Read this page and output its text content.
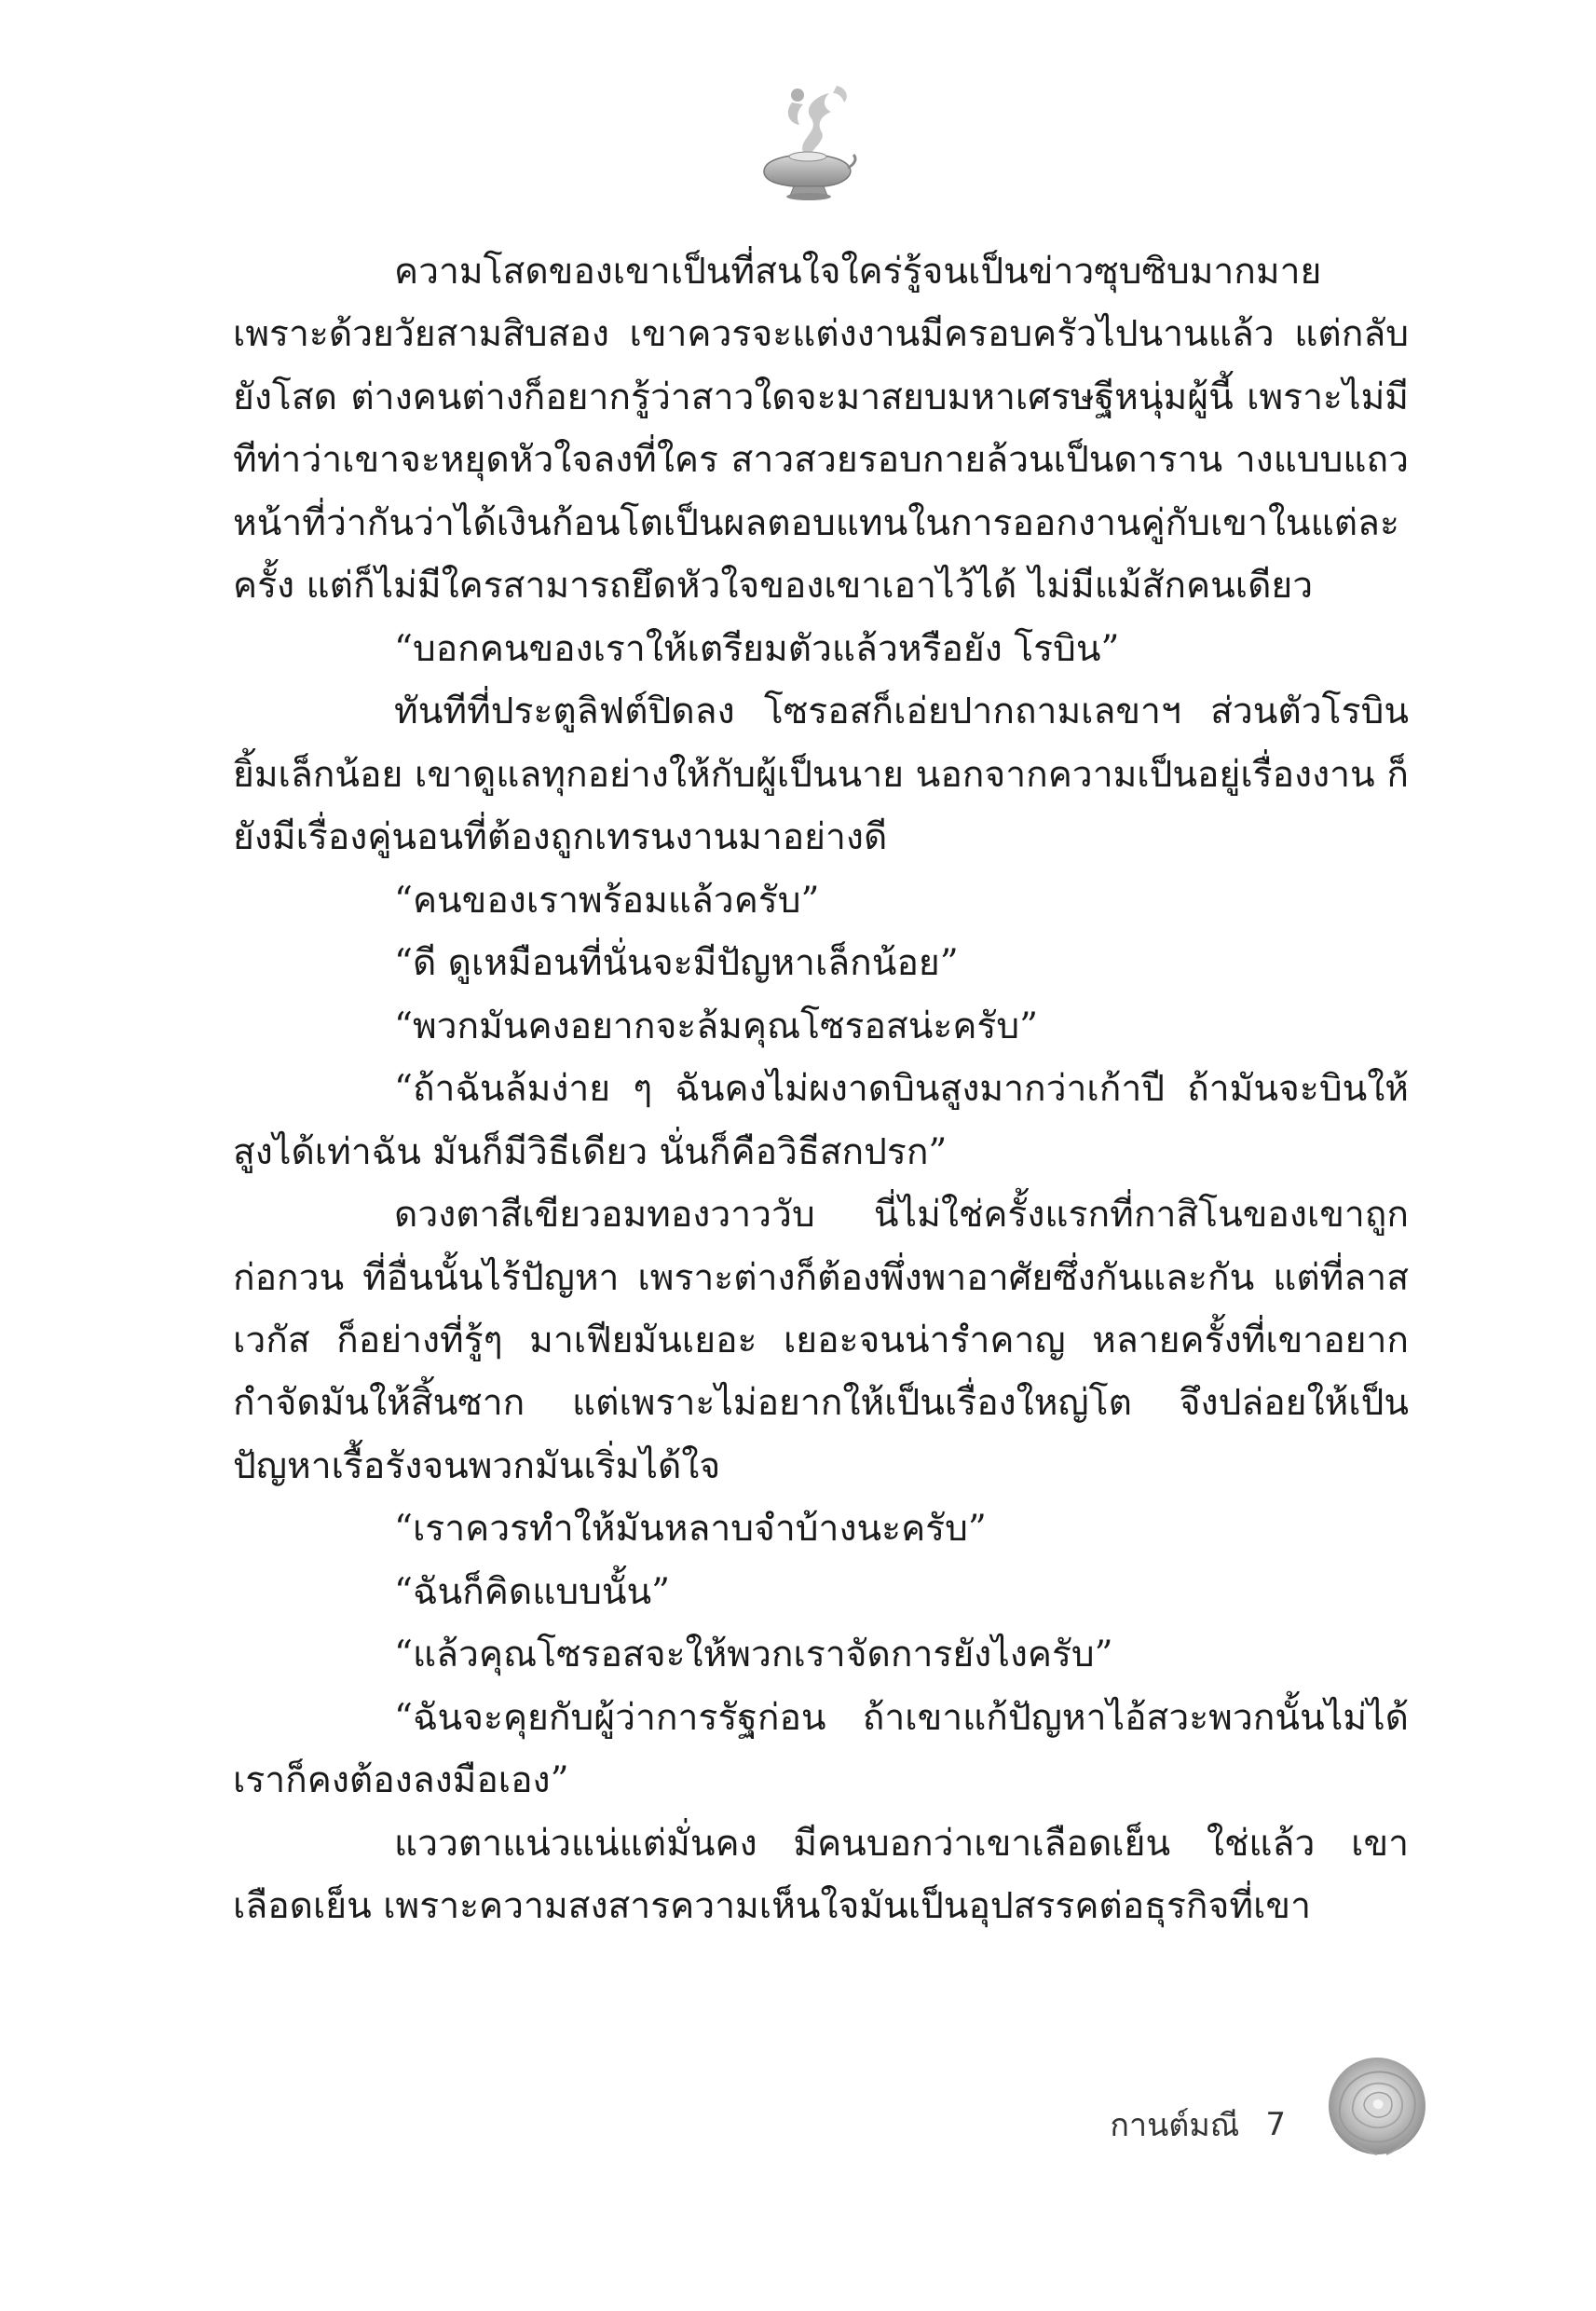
ความโสดของเขาเป็นที่สนใจใคร่รู้จนเป็นข่าวซุบซิบมากมาย เพราะด้วยวัยสามสิบสอง เขาควรจะแต่งงานมีครอบครัวไปนานแล้ว แต่กลับยังโสด ต่างคนต่างก็อยากรู้ว่าสาวใดจะมาสยบมหาเศรษฐีหนุ่มผู้นี้ เพราะไม่มีทีท่าว่าเขาจะหยุดหัวใจลงที่ใคร สาวสวยรอบกายล้วนเป็นดาราน างแบบแถวหน้าที่ว่ากันว่าได้เงินก้อนโตเป็นผลตอบแทนในการออกงานคู่กับเขาในแต่ละครั้ง แต่ก็ไม่มีใครสามารถยึดหัวใจของเขาเอาไว้ได้ ไม่มีแม้สักคนเดียว

“บอกคนของเราให้เตรียมตัวแล้วหรือยัง โรบิน”

ทันทีที่ประตูลิฟต์ปิดลง โซรอสก็เอ่ยปากถามเลขาฯ ส่วนตัวโรบินยิ้มเล็กน้อย เขาดูแลทุกอย่างให้กับผู้เป็นนาย นอกจากความเป็นอยู่เรื่องงาน ก็ยังมีเรื่องคู่นอนที่ต้องถูกเทรนงานมาอย่างดี

“คนของเราพร้อมแล้วครับ”

“ดี ดูเหมือนที่นั่นจะมีปัญหาเล็กน้อย”

“พวกมันคงอยากจะล้มคุณโซรอสน่ะครับ”

“ถ้าฉันล้มง่าย ๆ ฉันคงไม่ผงาดบินสูงมากว่าเก้าปี ถ้ามันจะบินให้สูงได้เท่าฉัน มันก็มีวิธีเดียว นั่นก็คือวิธีสกปรก”

ดวงตาสีเขียวอมทองวาววับ นี่ไม่ใช่ครั้งแรกที่กาสิโนของเขาถูกก่อกวน ที่อื่นนั้นไร้ปัญหา เพราะต่างก็ต้องพึ่งพาอาศัยซึ่งกันและกัน แต่ที่ลาสเวกัส ก็อย่างที่รู้ๆ มาเฟียมันเยอะ เยอะจนน่ารำคาญ หลายครั้งที่เขาอยากกำจัดมันให้สิ้นซาก แต่เพราะไม่อยากให้เป็นเรื่องใหญ่โต จึงปล่อยให้เป็นปัญหาเรื้อรังจนพวกมันเริ่มได้ใจ

“เราควรทำให้มันหลาบจำบ้างนะครับ”

“ฉันก็คิดแบบนั้น”

“แล้วคุณโซรอสจะให้พวกเราจัดการยังไงครับ”

“ฉันจะคุยกับผู้ว่าการรัฐก่อน ถ้าเขาแก้ปัญหาไอ้สวะพวกนั้นไม่ได้ เราก็คงต้องลงมือเอง”

แววตาแน่วแน่แต่มั่นคง มีคนบอกว่าเขาเลือดเย็น ใช่แล้ว เขาเลือดเย็น เพราะความสงสารความเห็นใจมันเป็นอุปสรรคต่อธุรกิจที่เขา

กานต์มณี 7
